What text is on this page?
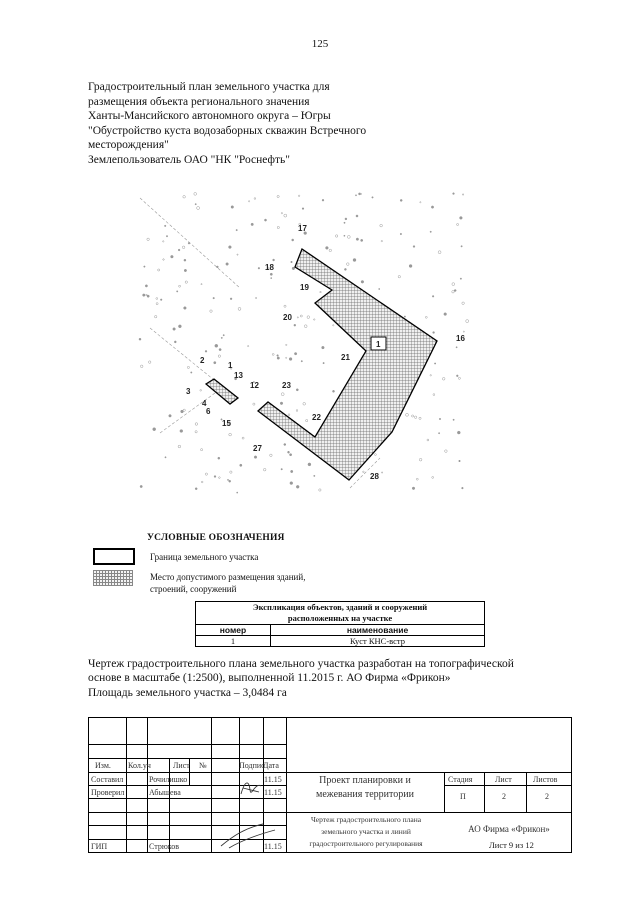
125
Градостроительный план земельного участка для
размещения объекта регионального значения
Ханты-Мансийского автономного округа – Югры
"Обустройство куста водозаборных скважин Встречного
месторождения"
Землепользователь ОАО "НК "Роснефть"
1
17
18
19
20
16
21
23
22
27
28
2
1
13
3
12
4
6
15
УСЛОВНЫЕ ОБОЗНАЧЕНИЯ
Граница земельного участка
Место допустимого размещения зданий,
строений, сооружений
Экспликация объектов, зданий и сооружений
расположенных на участке	

номер	наименование
1	Куст КНС-встр
Чертеж градостроительного плана земельного участка разработан на топографической
основе в масштабе (1:2500), выполненной 11.2015 г. АО Фирма «Фрикон»
Площадь земельного участка – 3,0484 га
Изм. Кол.уч	Лист №	Подпис
Дата
Составил	Рочилишко	11.15
Проверил	Абышева	11.15
ГИП	Стрюков	11.15
Проект планировки и
межевания территории
Стадия	Лист	Листов
П	2	2
Чертеж градостроительного плана
земельного участка и линий
градостроительного регулирования
АО Фирма «Фрикон»
Лист 9 из 12
